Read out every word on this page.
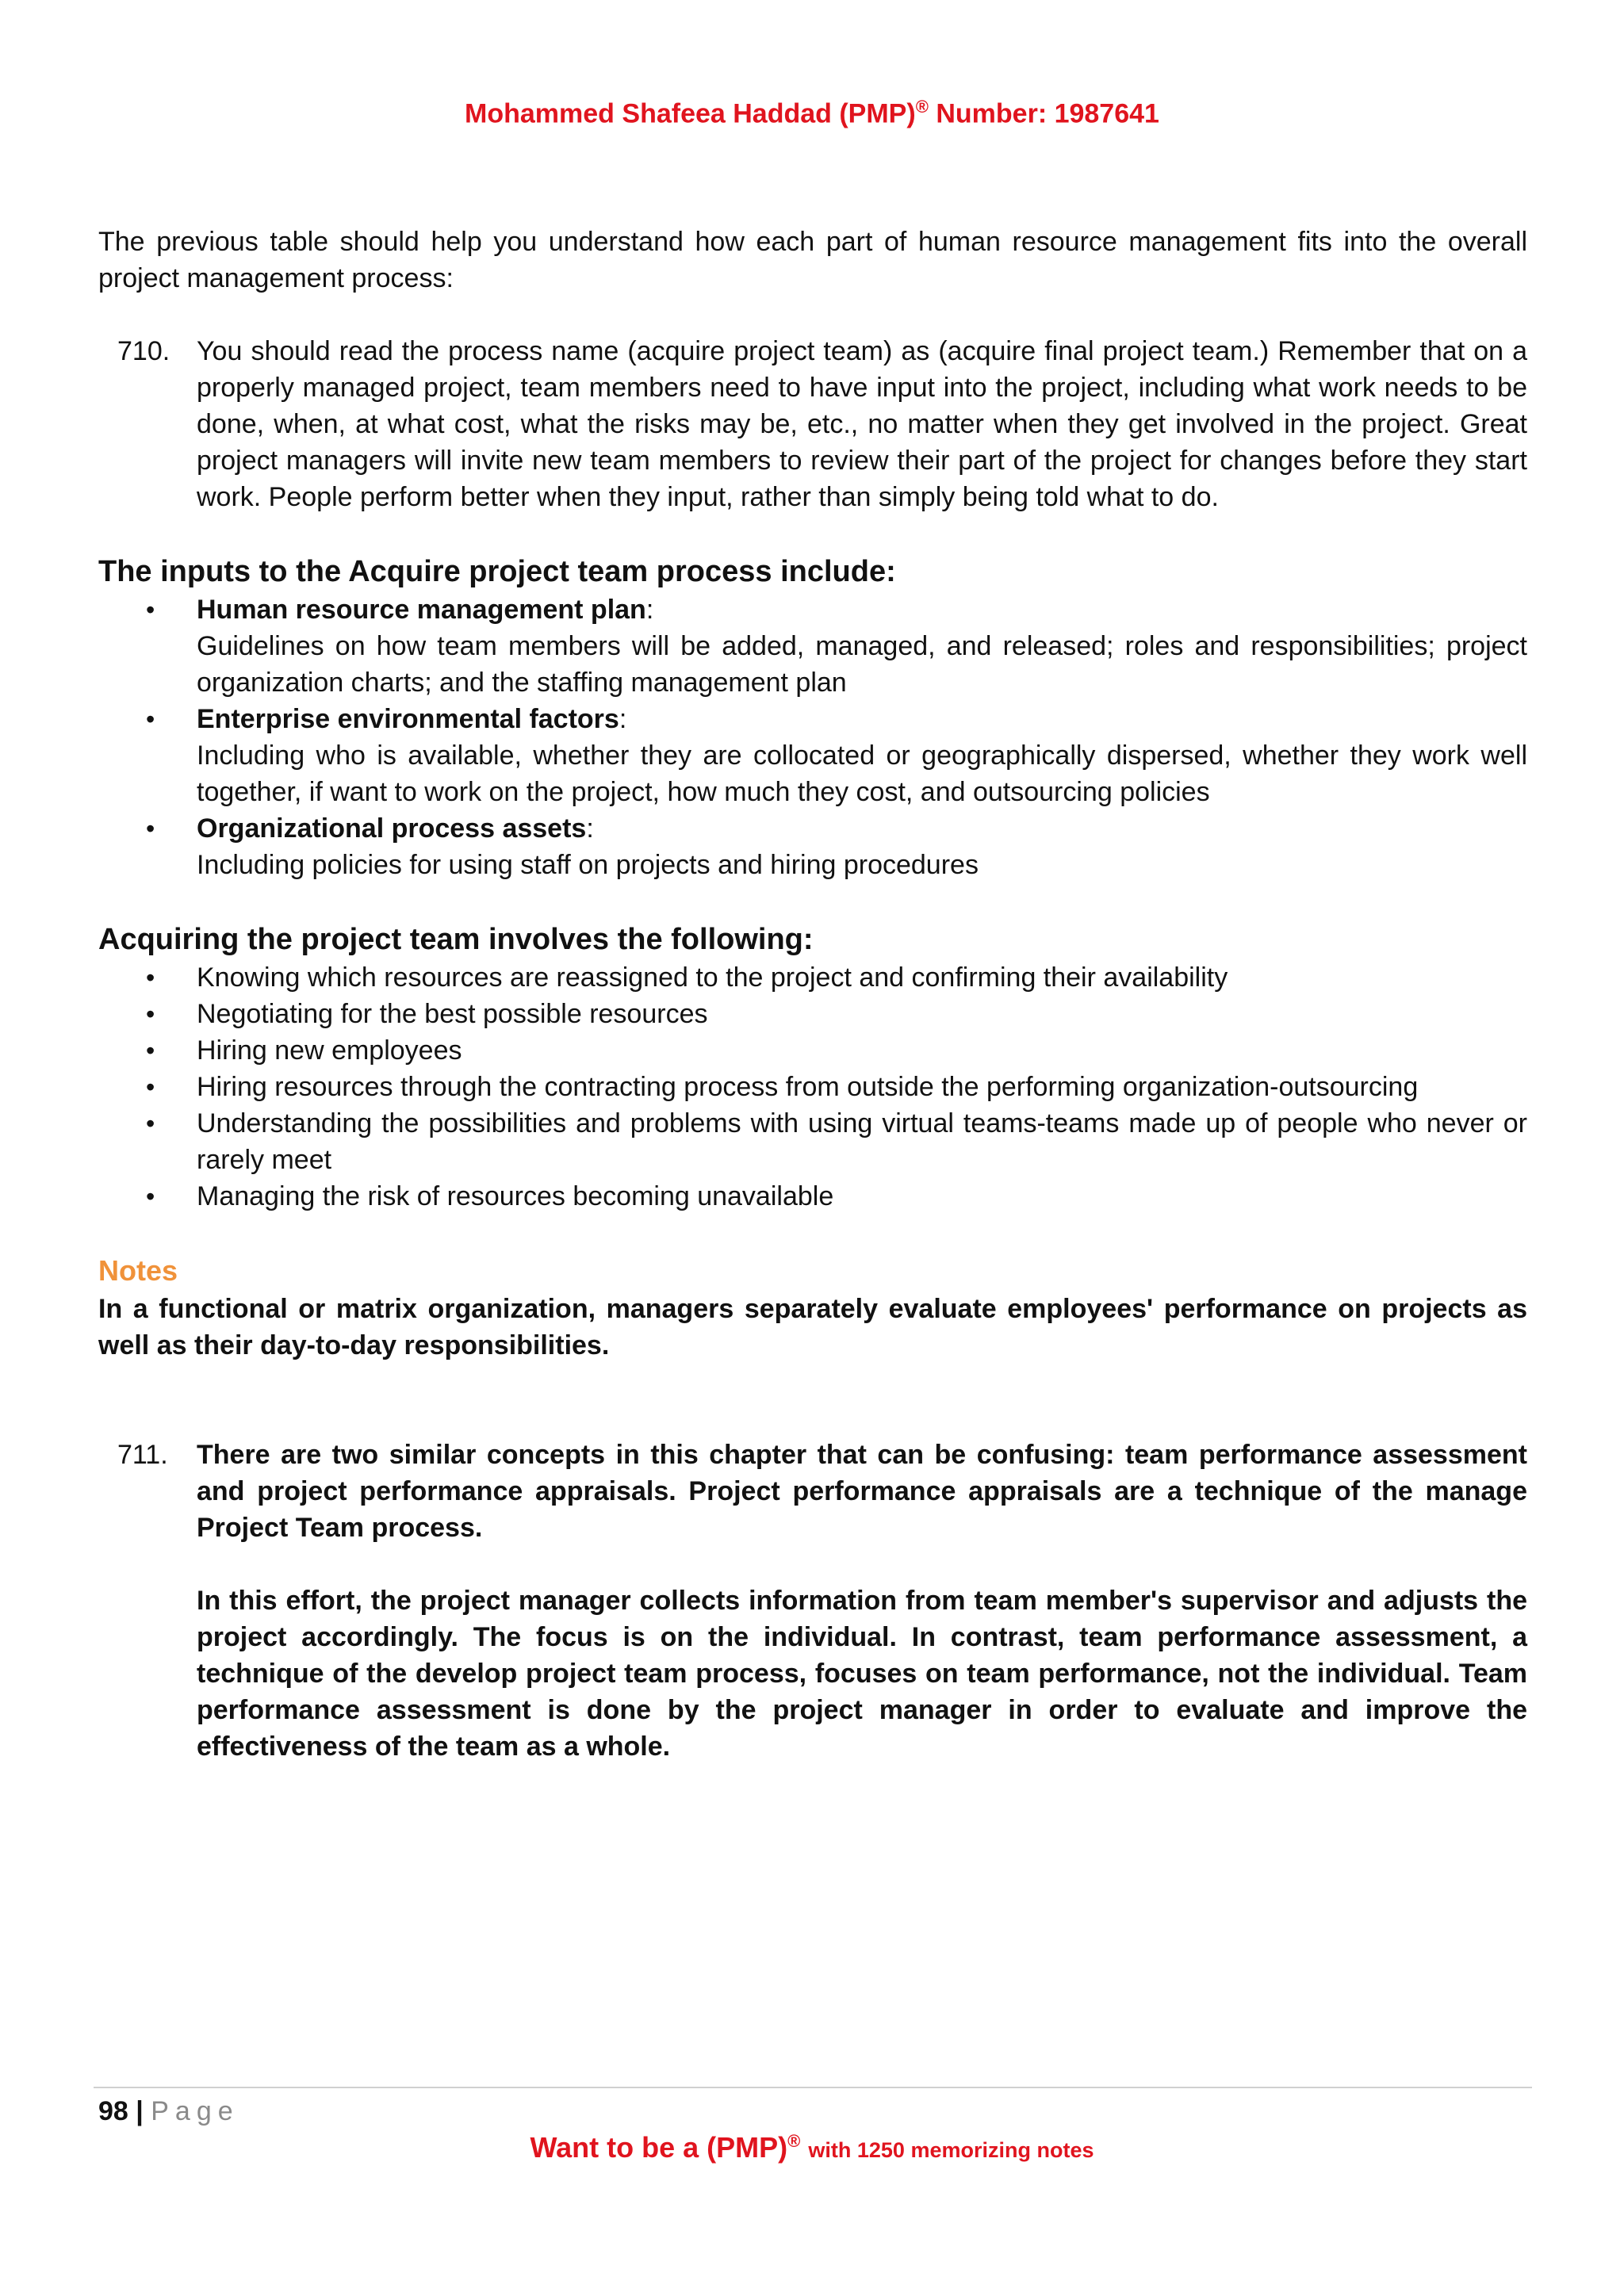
Mohammed Shafeea Haddad (PMP)® Number: 1987641

The previous table should help you understand how each part of human resource management fits into the overall project management process:

710. You should read the process name (acquire project team) as (acquire final project team.) Remember that on a properly managed project, team members need to have input into the project, including what work needs to be done, when, at what cost, what the risks may be, etc., no matter when they get involved in the project. Great project managers will invite new team members to review their part of the project for changes before they start work. People perform better when they input, rather than simply being told what to do.
The inputs to the Acquire project team process include:
• Human resource management plan:
Guidelines on how team members will be added, managed, and released; roles and responsibilities; project organization charts; and the staffing management plan
• Enterprise environmental factors:
Including who is available, whether they are collocated or geographically dispersed, whether they work well together, if want to work on the project, how much they cost, and outsourcing policies
• Organizational process assets:
Including policies for using staff on projects and hiring procedures
Acquiring the project team involves the following:
• Knowing which resources are reassigned to the project and confirming their availability
• Negotiating for the best possible resources
• Hiring new employees
• Hiring resources through the contracting process from outside the performing organization-outsourcing
• Understanding the possibilities and problems with using virtual teams-teams made up of people who never or rarely meet
• Managing the risk of resources becoming unavailable
Notes

In a functional or matrix organization, managers separately evaluate employees' performance on projects as well as their day-to-day responsibilities.

711.	There are two similar concepts in this chapter that can be confusing: team performance assessment and project performance appraisals. Project performance appraisals are a technique of the manage Project Team process.

In this effort, the project manager collects information from team member's supervisor and adjusts the project accordingly. The focus is on the individual. In contrast, team performance assessment, a technique of the develop project team process, focuses on team performance, not the individual. Team performance assessment is done by the project manager in order to evaluate and improve the effectiveness of the team as a whole.

98 | Page
Want to be a (PMP)® with 1250 memorizing notes
